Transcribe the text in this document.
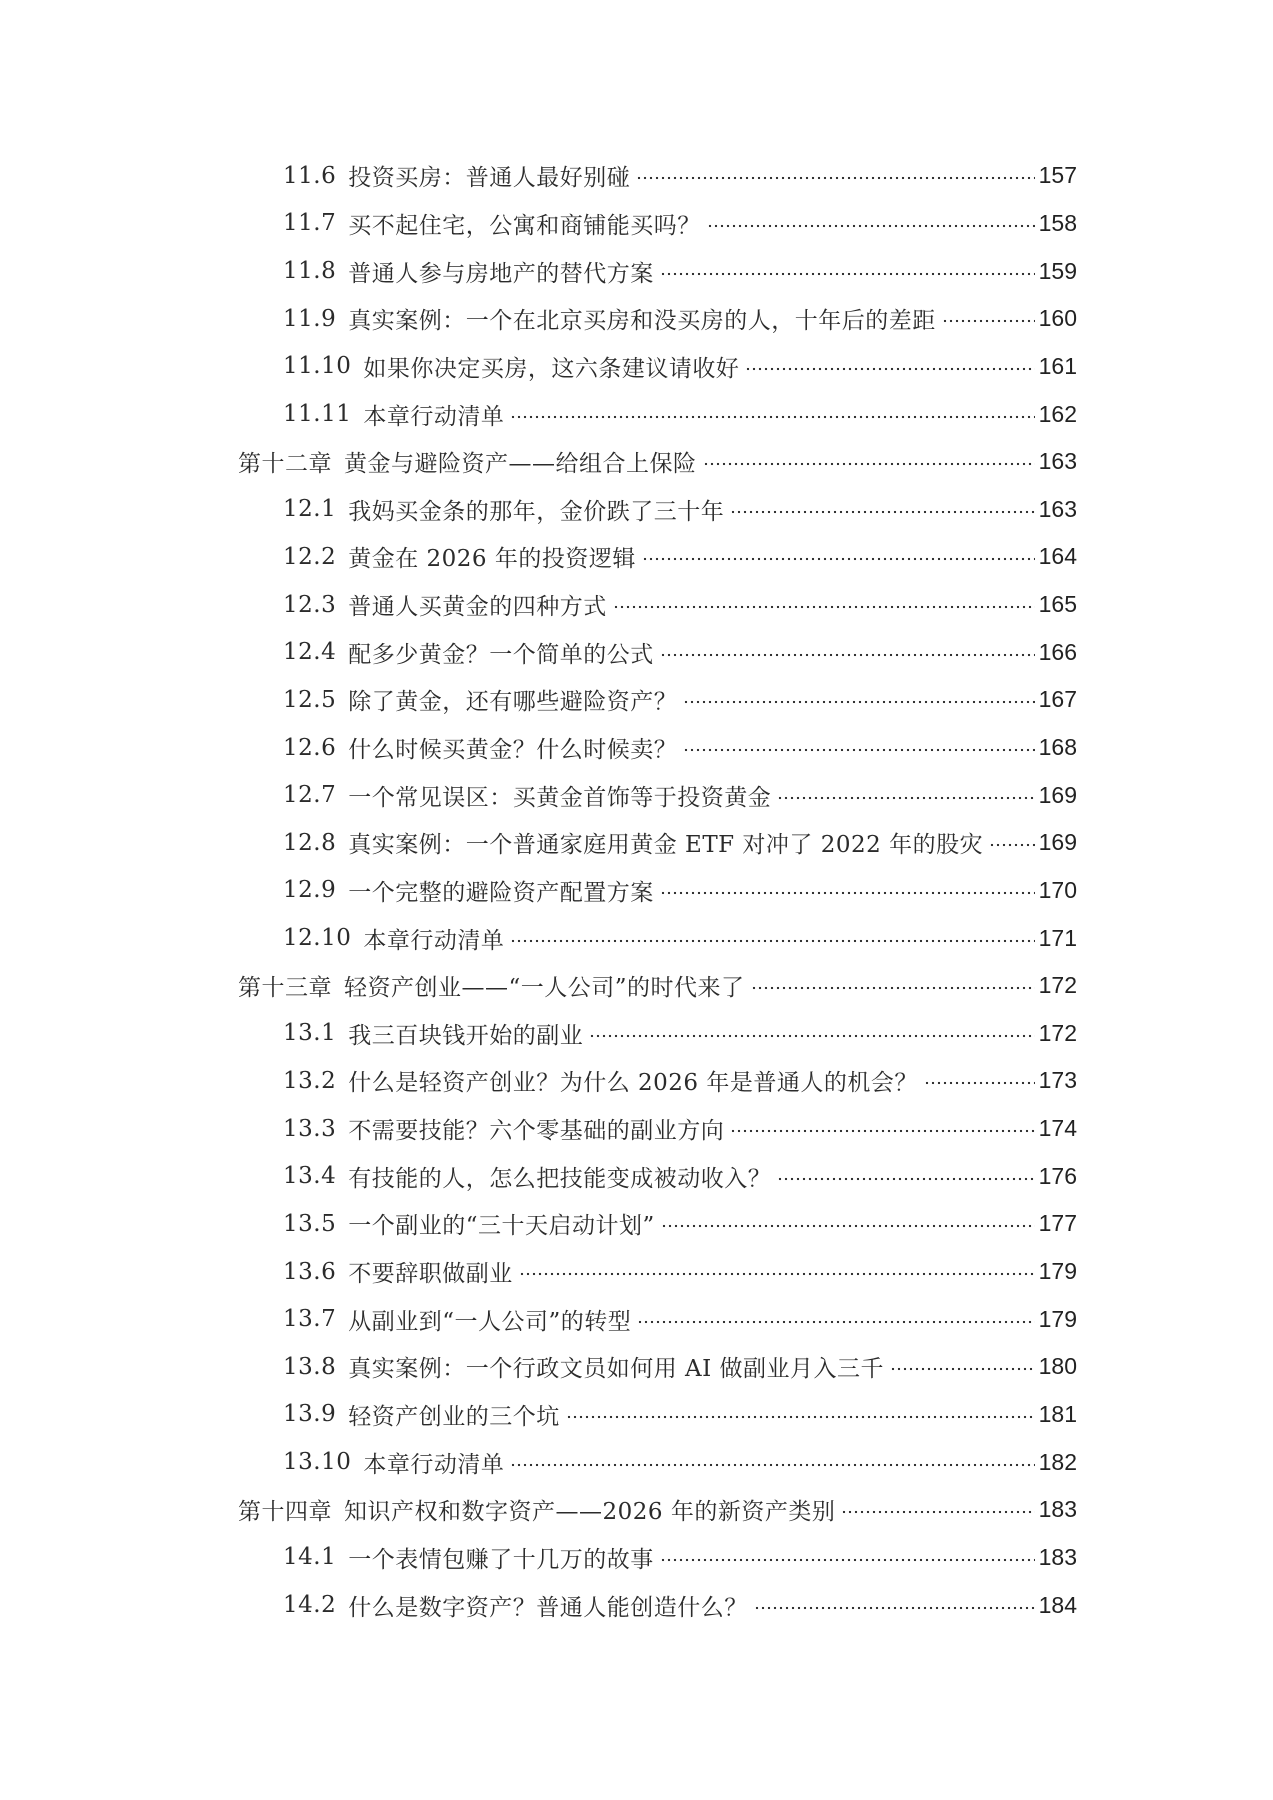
11.6 投资买房：普通人最好别碰	157
11.7 买不起住宅，公寓和商铺能买吗？	158
11.8 普通人参与房地产的替代方案	159
11.9 真实案例：一个在北京买房和没买房的人，十年后的差距	160
11.10 如果你决定买房，这六条建议请收好	161
11.11 本章行动清单	162
第十二章 黄金与避险资产——给组合上保险	163
12.1 我妈买金条的那年，金价跌了三十年	163
12.2 黄金在 2026 年的投资逻辑	164
12.3 普通人买黄金的四种方式	165
12.4 配多少黄金？一个简单的公式	166
12.5 除了黄金，还有哪些避险资产？	167
12.6 什么时候买黄金？什么时候卖？	168
12.7 一个常见误区：买黄金首饰等于投资黄金	169
12.8 真实案例：一个普通家庭用黄金 ETF 对冲了 2022 年的股灾 169
12.9 一个完整的避险资产配置方案	170
12.10 本章行动清单	171
第十三章 轻资产创业——“一人公司”的时代来了	172
13.1 我三百块钱开始的副业	172
13.2 什么是轻资产创业？为什么 2026 年是普通人的机会？	173
13.3 不需要技能？六个零基础的副业方向	174
13.4 有技能的人，怎么把技能变成被动收入？	176
13.5 一个副业的“三十天启动计划”	177
13.6 不要辞职做副业	179
13.7 从副业到“一人公司”的转型	179
13.8 真实案例：一个行政文员如何用 AI 做副业月入三千	180
13.9 轻资产创业的三个坑	181
13.10 本章行动清单	182
第十四章 知识产权和数字资产——2026 年的新资产类别	183
14.1 一个表情包赚了十几万的故事	183
14.2 什么是数字资产？普通人能创造什么？	184
